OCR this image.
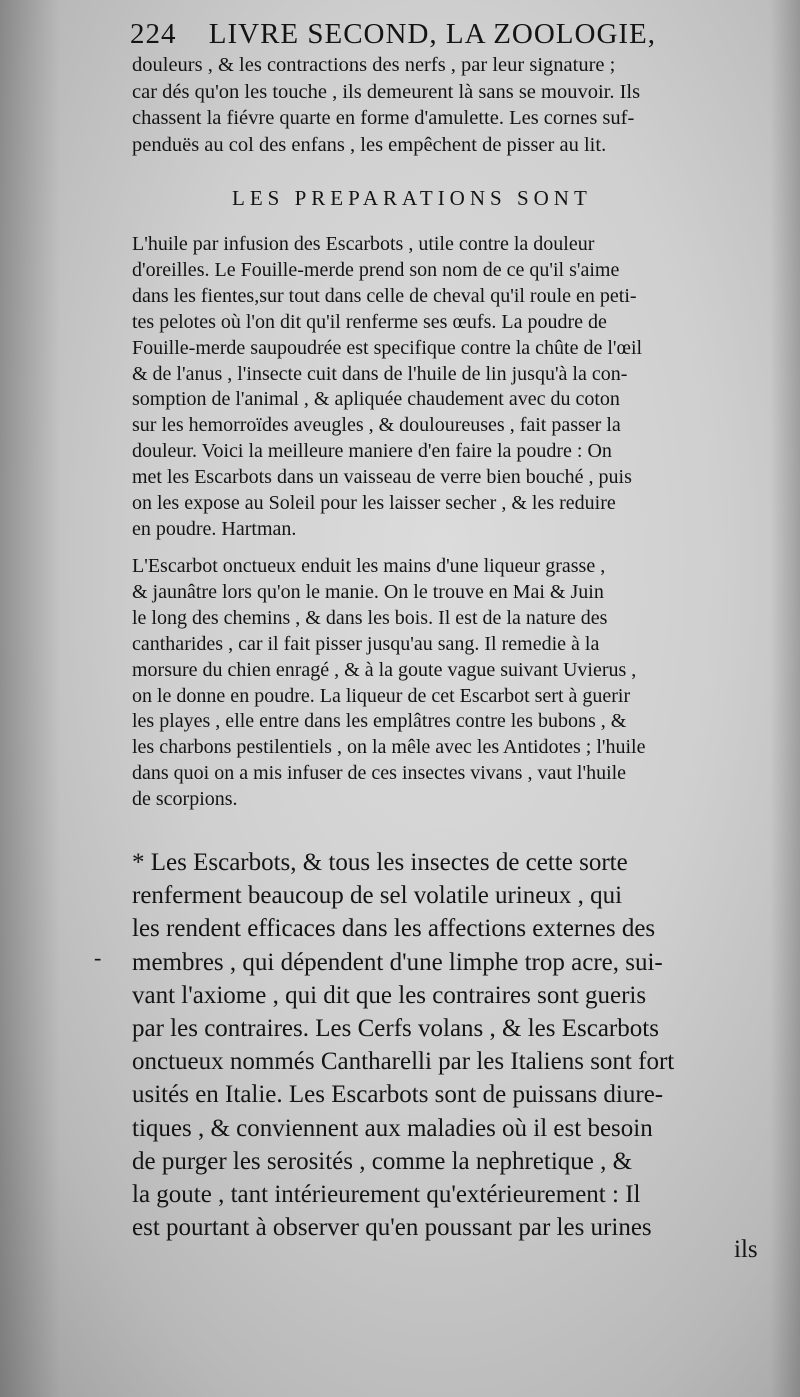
224 LIVRE SECOND, LA ZOOLOGIE,
douleurs , & les contractions des nerfs , par leur signature ;
car dés qu'on les touche , ils demeurent là sans se mouvoir. Ils
chassent la fiévre quarte en forme d'amulette. Les cornes suf-
penduës au col des enfans , les empêchent de pisser au lit.
LES PREPARATIONS SONT
L'huile par infusion des Escarbots , utile contre la douleur
d'oreilles. Le Fouille-merde prend son nom de ce qu'il s'aime
dans les fientes,sur tout dans celle de cheval qu'il roule en peti-
tes pelotes où l'on dit qu'il renferme ses œufs. La poudre de
Fouille-merde saupoudrée est specifique contre la chûte de l'œil
& de l'anus , l'insecte cuit dans de l'huile de lin jusqu'à la con-
somption de l'animal , & apliquée chaudement avec du coton
sur les hemorroïdes aveugles , & douloureuses , fait passer la
douleur. Voici la meilleure maniere d'en faire la poudre : On
met les Escarbots dans un vaisseau de verre bien bouché , puis
on les expose au Soleil pour les laisser secher , & les reduire
en poudre. Hartman.
L'Escarbot onctueux enduit les mains d'une liqueur grasse ,
& jaunâtre lors qu'on le manie. On le trouve en Mai & Juin
le long des chemins , & dans les bois. Il est de la nature des
cantharides , car il fait pisser jusqu'au sang. Il remedie à la
morsure du chien enragé , & à la goute vague suivant Uvierus ,
on le donne en poudre. La liqueur de cet Escarbot sert à guerir
les playes , elle entre dans les emplâtres contre les bubons , &
les charbons pestilentiels , on la mêle avec les Antidotes ; l'huile
dans quoi on a mis infuser de ces insectes vivans , vaut l'huile
de scorpions.
-
* Les Escarbots, & tous les insectes de cette sorte
renferment beaucoup de sel volatile urineux , qui
les rendent efficaces dans les affections externes des
membres , qui dépendent d'une limphe trop acre, sui-
vant l'axiome , qui dit que les contraires sont gueris
par les contraires. Les Cerfs volans , & les Escarbots
onctueux nommés Cantharelli par les Italiens sont fort
usités en Italie. Les Escarbots sont de puissans diure-
tiques , & conviennent aux maladies où il est besoin
de purger les serosités , comme la nephretique , &
la goute , tant intérieurement qu'extérieurement : Il
est pourtant à observer qu'en poussant par les urines
ils
